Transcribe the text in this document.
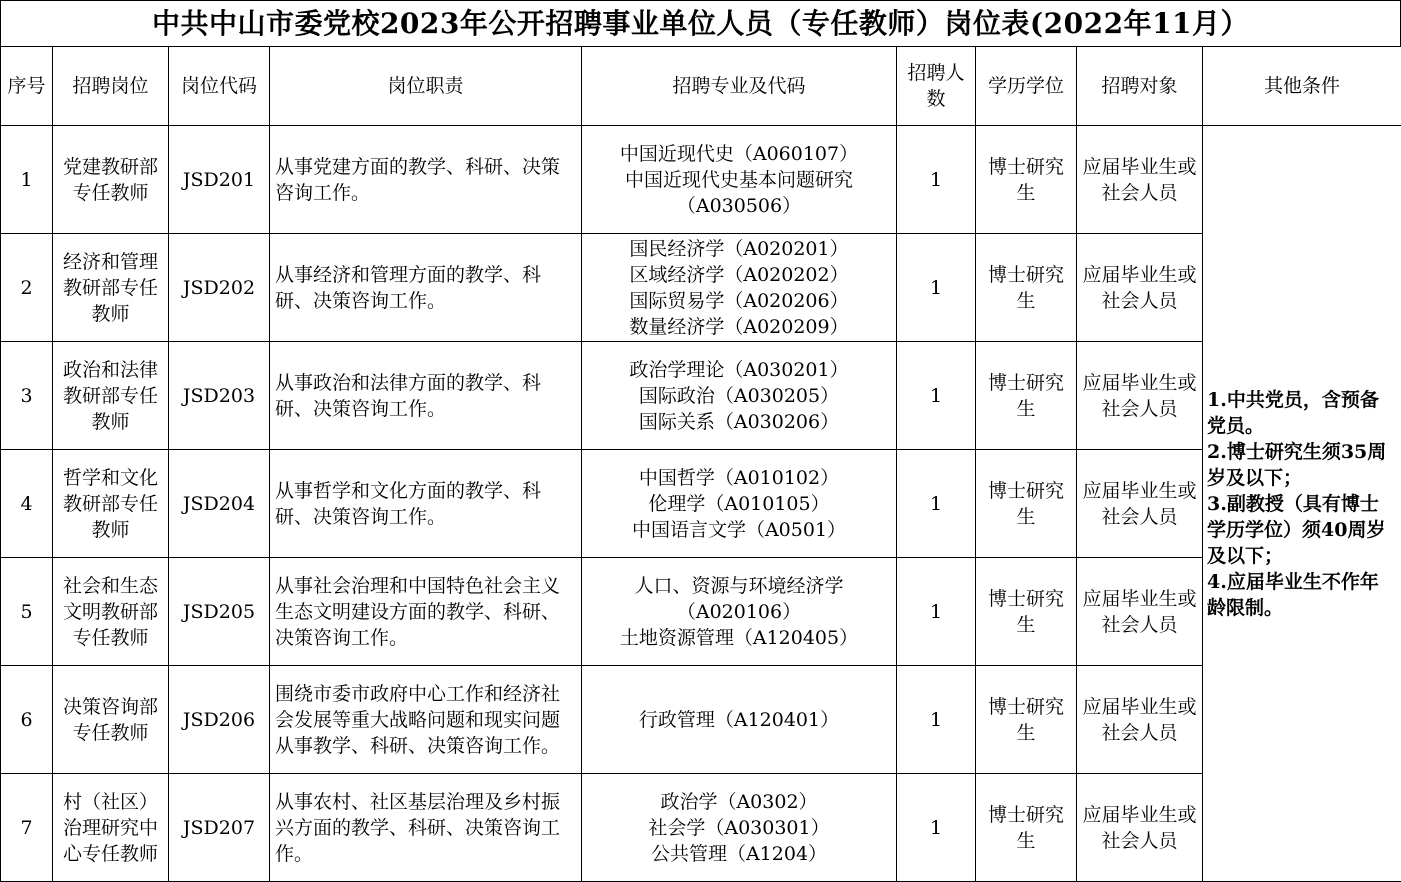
中共中山市委党校2023年公开招聘事业单位人员（专任教师）岗位表(2022年11月）
序号	招聘岗位	岗位代码	岗位职责	招聘专业及代码	招聘人数	学历学位	招聘对象	其他条件
1	党建教研部专任教师	JSD201	从事党建方面的教学、科研、决策咨询工作。	中国近现代史（A060107）
中国近现代史基本问题研究
（A030506）	1	博士研究生	应届毕业生或社会人员	1.中共党员，含预备党员。
2.博士研究生须35周岁及以下；
3.副教授（具有博士学历学位）须40周岁及以下；
4.应届毕业生不作年龄限制。

2	经济和管理教研部专任教师	JSD202	从事经济和管理方面的教学、科研、决策咨询工作。	国民经济学（A020201）
区域经济学（A020202）
国际贸易学（A020206）
数量经济学（A020209）	1	博士研究生	应届毕业生或社会人员	
3	政治和法律教研部专任教师	JSD203	从事政治和法律方面的教学、科研、决策咨询工作。	政治学理论（A030201）
国际政治（A030205）
国际关系（A030206）	1	博士研究生	应届毕业生或社会人员	
4	哲学和文化教研部专任教师	JSD204	从事哲学和文化方面的教学、科研、决策咨询工作。	中国哲学（A010102）
伦理学（A010105）
中国语言文学（A0501）	1	博士研究生	应届毕业生或社会人员	
5	社会和生态文明教研部专任教师	JSD205	从事社会治理和中国特色社会主义生态文明建设方面的教学、科研、决策咨询工作。	人口、资源与环境经济学
（A020106）
土地资源管理（A120405）	1	博士研究生	应届毕业生或社会人员	
6	决策咨询部专任教师	JSD206	围绕市委市政府中心工作和经济社会发展等重大战略问题和现实问题从事教学、科研、决策咨询工作。	行政管理（A120401）	1	博士研究生	应届毕业生或社会人员	
7	村（社区）治理研究中心专任教师	JSD207	从事农村、社区基层治理及乡村振兴方面的教学、科研、决策咨询工作。	政治学（A0302）
社会学（A030301）
公共管理（A1204）	1	博士研究生	应届毕业生或社会人员	
